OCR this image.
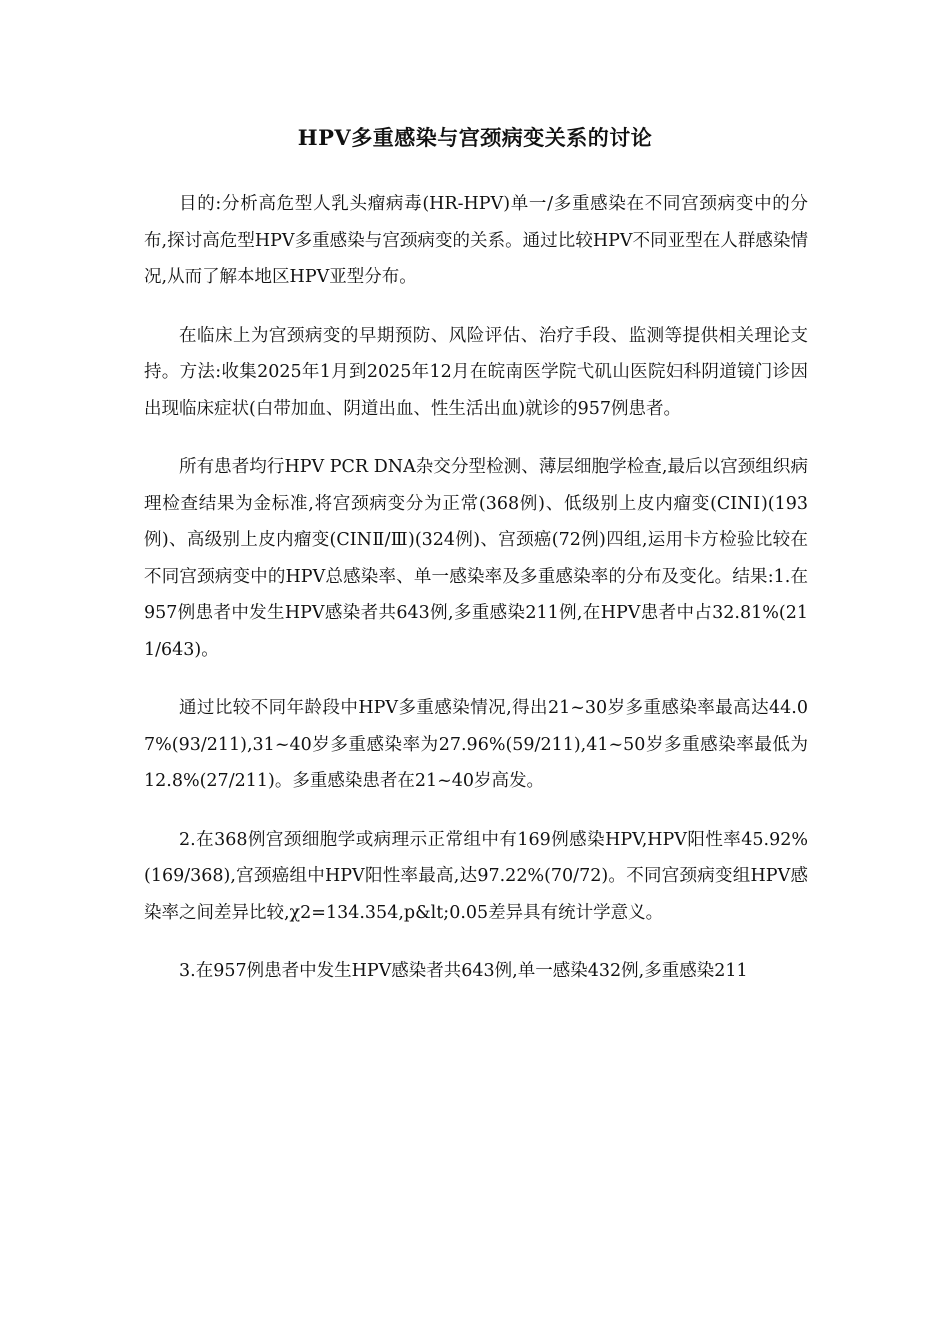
HPV多重感染与宫颈病变关系的讨论

目的:分析高危型人乳头瘤病毒(HR-HPV)单一/多重感染在不同宫颈病变中的分布,探讨高危型HPV多重感染与宫颈病变的关系。通过比较HPV不同亚型在人群感染情况,从而了解本地区HPV亚型分布。

在临床上为宫颈病变的早期预防、风险评估、治疗手段、监测等提供相关理论支持。方法:收集2025年1月到2025年12月在皖南医学院弋矶山医院妇科阴道镜门诊因出现临床症状(白带加血、阴道出血、性生活出血)就诊的957例患者。

所有患者均行HPV PCR DNA杂交分型检测、薄层细胞学检查,最后以宫颈组织病理检查结果为金标准,将宫颈病变分为正常(368例)、低级别上皮内瘤变(CINⅠ)(193例)、高级别上皮内瘤变(CINⅡ/Ⅲ)(324例)、宫颈癌(72例)四组,运用卡方检验比较在不同宫颈病变中的HPV总感染率、单一感染率及多重感染率的分布及变化。结果:1.在957例患者中发生HPV感染者共643例,多重感染211例,在HPV患者中占32.81%(211/643)。

通过比较不同年龄段中HPV多重感染情况,得出21~30岁多重感染率最高达44.07%(93/211),31~40岁多重感染率为27.96%(59/211),41~50岁多重感染率最低为12.8%(27/211)。多重感染患者在21~40岁高发。

2.在368例宫颈细胞学或病理示正常组中有169例感染HPV,HPV阳性率45.92%(169/368),宫颈癌组中HPV阳性率最高,达97.22%(70/72)。不同宫颈病变组HPV感染率之间差异比较,χ2=134.354,p&lt;0.05差异具有统计学意义。

3.在957例患者中发生HPV感染者共643例,单一感染432例,多重感染211
